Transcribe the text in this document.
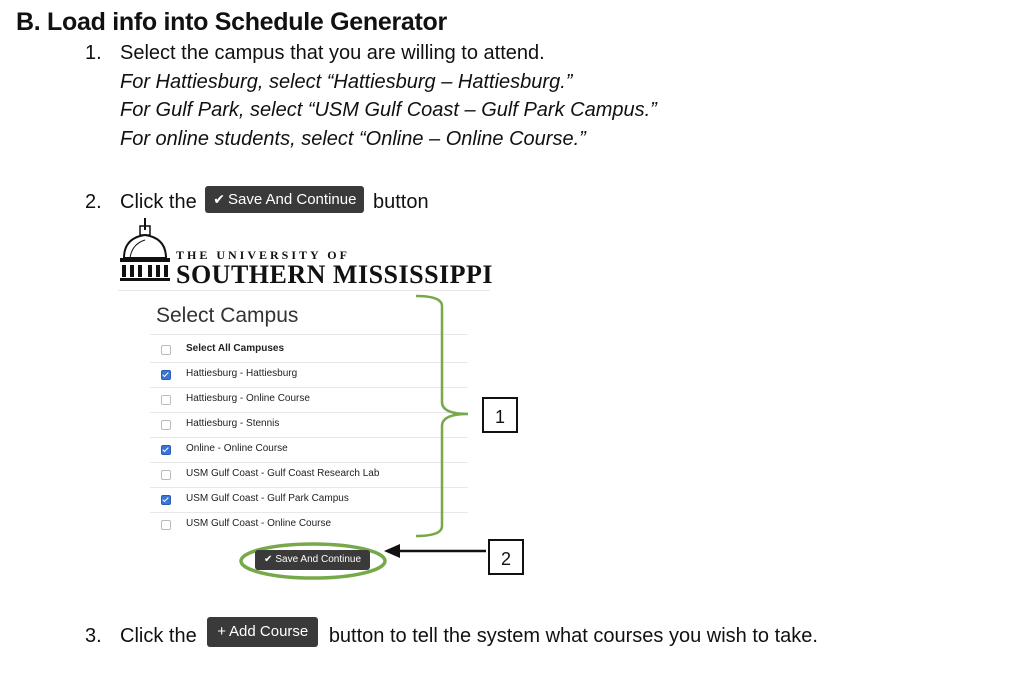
B. Load info into Schedule Generator
1. Select the campus that you are willing to attend.
For Hattiesburg, select “Hattiesburg – Hattiesburg.”
For Gulf Park, select “USM Gulf Coast – Gulf Park Campus.”
For online students, select “Online – Online Course.”
2. Click the ✔ Save And Continue button
THE UNIVERSITY OF
SOUTHERN MISSISSIPPI
Select Campus
Select All Campuses
Hattiesburg - Hattiesburg
Hattiesburg - Online Course
Hattiesburg - Stennis
Online - Online Course
USM Gulf Coast - Gulf Coast Research Lab
USM Gulf Coast - Gulf Park Campus
USM Gulf Coast - Online Course
✔ Save And Continue
1
2
3. Click the + Add Course button to tell the system what courses you wish to take.
